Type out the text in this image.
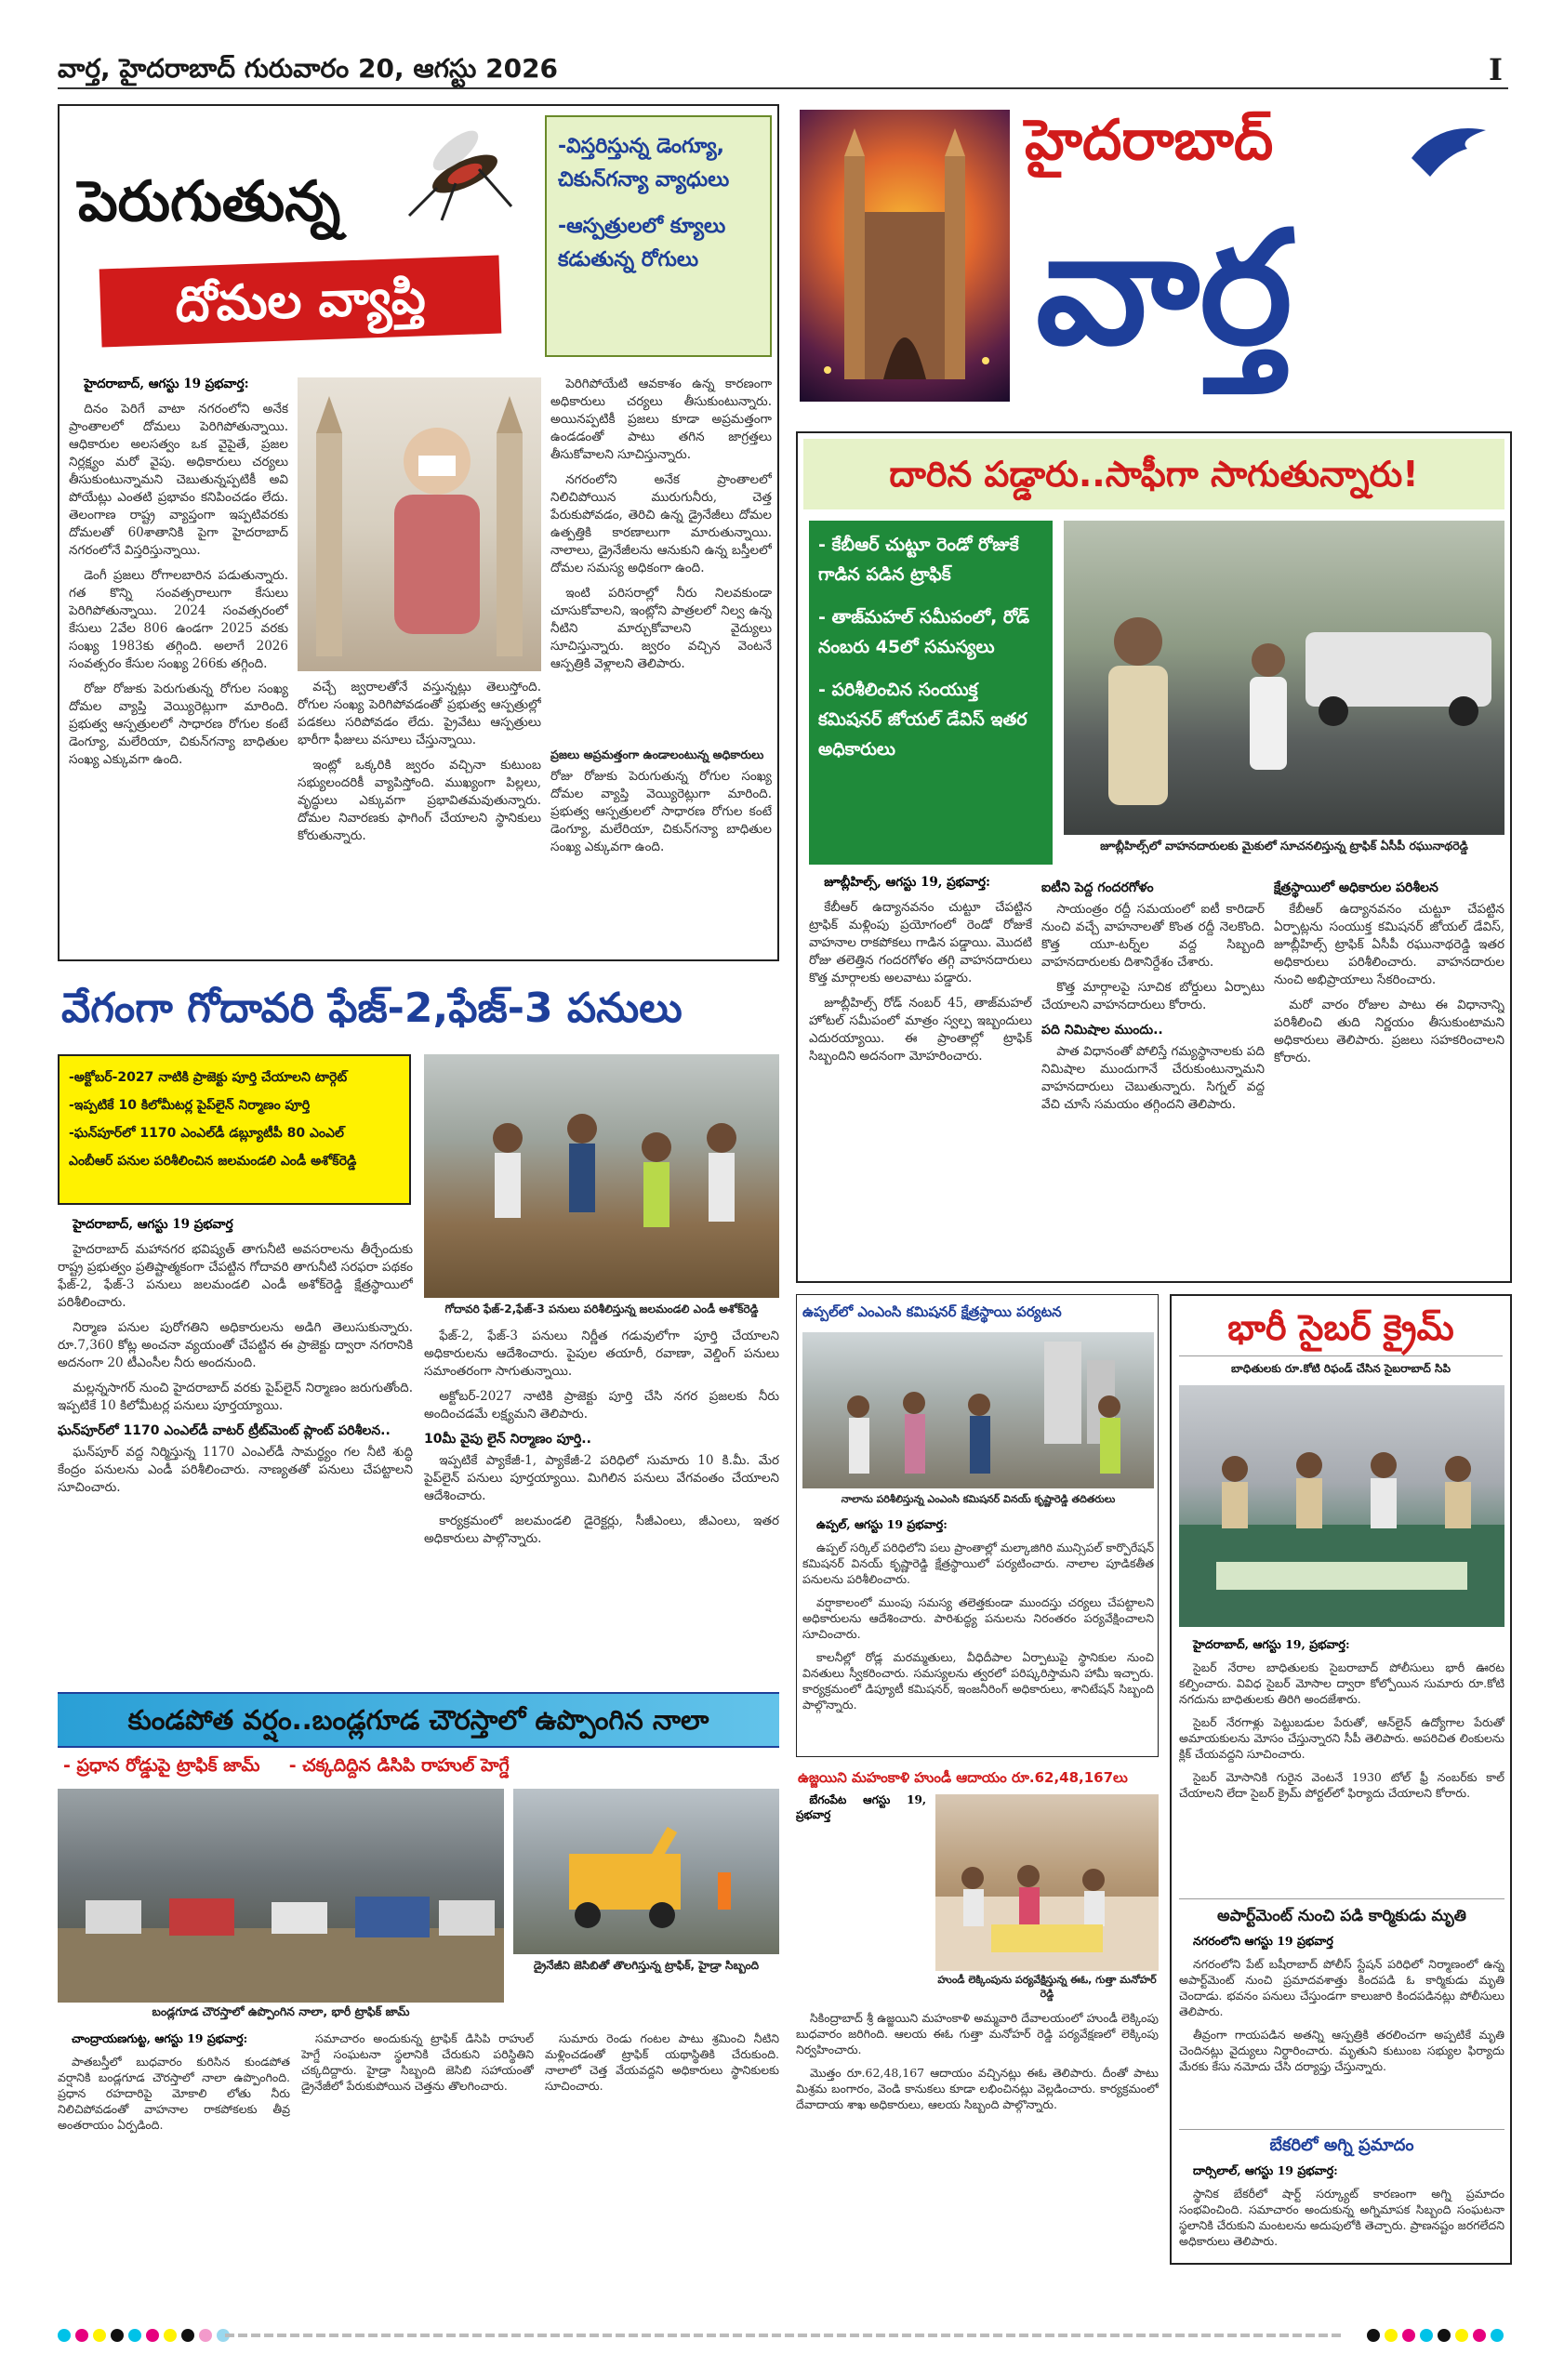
వార్త, హైదరాబాద్ గురువారం 20, ఆగస్టు 2026	I
పెరుగుతున్న
దోమల వ్యాప్తి
-విస్తరిస్తున్న డెంగ్యూ, చికున్‌గన్యా వ్యాధులు
-ఆస్పత్రులలో క్యూలు కడుతున్న రోగులు

హైదరాబాద్, ఆగస్టు 19 ప్రభవార్త:

దినం పెరిగే వాటా నగరంలోని అనేక ప్రాంతాలలో దోమలు పెరిగిపోతున్నాయి. ఆధికారుల అలసత్వం ఒక వైపైతే, ప్రజల నిర్లక్ష్యం మరో వైపు. అధికారులు చర్యలు తీసుకుంటున్నామని చెబుతున్నప్పటికీ అవి పోయేట్లు ఎంతటి ప్రభావం కనిపించడం లేదు. తెలంగాణ రాష్ట్ర వ్యాప్తంగా ఇప్పటివరకు దోమలతో 60శాతానికి పైగా హైదరాబాద్ నగరంలోనే విస్తరిస్తున్నాయి.

డెంగీ ప్రజలు రోగాలబారిన పడుతున్నారు. గత కొన్ని సంవత్సరాలుగా కేసులు పెరిగిపోతున్నాయి. 2024 సంవత్సరంలో కేసులు 2వేల 806 ఉండగా 2025 వరకు సంఖ్య 1983కు తగ్గింది. అలాగే 2026 సంవత్సరం కేసుల సంఖ్య 266కు తగ్గింది.

రోజు రోజుకు పెరుగుతున్న రోగుల సంఖ్య దోమల వ్యాప్తి వెయ్యిరెట్లుగా మారింది. ప్రభుత్వ ఆస్పత్రులలో సాధారణ రోగుల కంటే డెంగ్యూ, మలేరియా, చికున్‌గన్యా బాధితుల సంఖ్య ఎక్కువగా ఉంది.

పెరిగిపోయేటి ఆవకాశం ఉన్న కారణంగా అధికారులు చర్యలు తీసుకుంటున్నారు. అయినప్పటికీ ప్రజలు కూడా అప్రమత్తంగా ఉండడంతో పాటు తగిన జాగ్రత్తలు తీసుకోవాలని సూచిస్తున్నారు.

నగరంలోని అనేక ప్రాంతాలలో నిలిచిపోయిన మురుగునీరు, చెత్త పేరుకుపోవడం, తెరిచి ఉన్న డ్రైనేజీలు దోమల ఉత్పత్తికి కారణాలుగా మారుతున్నాయి. నాలాలు, డ్రైనేజీలను ఆనుకుని ఉన్న బస్తీలలో దోమల సమస్య అధికంగా ఉంది.

ఇంటి పరిసరాల్లో నీరు నిలవకుండా చూసుకోవాలని, ఇంట్లోని పాత్రలలో నిల్వ ఉన్న నీటిని మార్చుకోవాలని వైద్యులు సూచిస్తున్నారు. జ్వరం వచ్చిన వెంటనే ఆస్పత్రికి వెళ్లాలని తెలిపారు.

వచ్చే జ్వరాలతోనే వస్తున్నట్లు తెలుస్తోంది. రోగుల సంఖ్య పెరిగిపోవడంతో ప్రభుత్వ ఆస్పత్రుల్లో పడకలు సరిపోవడం లేదు. ప్రైవేటు ఆస్పత్రులు భారీగా ఫీజులు వసూలు చేస్తున్నాయి.

ఇంట్లో ఒక్కరికి జ్వరం వచ్చినా కుటుంబ సభ్యులందరికీ వ్యాపిస్తోంది. ముఖ్యంగా పిల్లలు, వృద్ధులు ఎక్కువగా ప్రభావితమవుతున్నారు. దోమల నివారణకు ఫాగింగ్ చేయాలని స్థానికులు కోరుతున్నారు.

ప్రజలు అప్రమత్తంగా ఉండాలంటున్న అధికారులు
రోజు రోజుకు పెరుగుతున్న రోగుల సంఖ్య దోమల వ్యాప్తి వెయ్యిరెట్లుగా మారింది. ప్రభుత్వ ఆస్పత్రులలో సాధారణ రోగుల కంటే డెంగ్యూ, మలేరియా, చికున్‌గన్యా బాధితుల సంఖ్య ఎక్కువగా ఉంది.
హైదరాబాద్
వార్త
దారిన పడ్డారు..సాఫీగా సాగుతున్నారు!
- కేబీఆర్ చుట్టూ రెండో రోజుకే గాడిన పడిన ట్రాఫిక్
- తాజ్‌మహల్ సమీపంలో, రోడ్ నంబరు 45లో సమస్యలు
- పరిశీలించిన సంయుక్త కమిషనర్ జోయల్ డేవిస్ ఇతర అధికారులు
జూబ్లీహిల్స్‌లో వాహనదారులకు మైకులో సూచనలిస్తున్న ట్రాఫిక్ ఏసీపీ రఘునాథరెడ్డి

జూబ్లీహిల్స్, ఆగస్టు 19, ప్రభవార్త:

కేబీఆర్ ఉద్యానవనం చుట్టూ చేపట్టిన ట్రాఫిక్ మళ్లింపు ప్రయోగంలో రెండో రోజుకే వాహనాల రాకపోకలు గాడిన పడ్డాయి. మొదటి రోజు తలెత్తిన గందరగోళం తగ్గి వాహనదారులు కొత్త మార్గాలకు అలవాటు పడ్డారు.

జూబ్లీహిల్స్ రోడ్ నంబర్ 45, తాజ్‌మహల్ హోటల్ సమీపంలో మాత్రం స్వల్ప ఇబ్బందులు ఎదురయ్యాయి. ఈ ప్రాంతాల్లో ట్రాఫిక్ సిబ్బందిని అదనంగా మోహరించారు.

ఐటీని పెద్ద గందరగోళం

సాయంత్రం రద్దీ సమయంలో ఐటీ కారిడార్ నుంచి వచ్చే వాహనాలతో కొంత రద్దీ నెలకొంది. కొత్త యూ-టర్న్‌ల వద్ద సిబ్బంది వాహనదారులకు దిశానిర్దేశం చేశారు.

కొత్త మార్గాలపై సూచిక బోర్డులు ఏర్పాటు చేయాలని వాహనదారులు కోరారు.

పది నిమిషాల ముందు..

పాత విధానంతో పోలిస్తే గమ్యస్థానాలకు పది నిమిషాల ముందుగానే చేరుకుంటున్నామని వాహనదారులు చెబుతున్నారు. సిగ్నల్ వద్ద వేచి చూసే సమయం తగ్గిందని తెలిపారు.

క్షేత్రస్థాయిలో అధికారుల పరిశీలన

కేబీఆర్ ఉద్యానవనం చుట్టూ చేపట్టిన ఏర్పాట్లను సంయుక్త కమిషనర్ జోయల్ డేవిస్, జూబ్లీహిల్స్ ట్రాఫిక్ ఏసీపీ రఘునాథరెడ్డి ఇతర అధికారులు పరిశీలించారు. వాహనదారుల నుంచి అభిప్రాయాలు సేకరించారు.

మరో వారం రోజుల పాటు ఈ విధానాన్ని పరిశీలించి తుది నిర్ణయం తీసుకుంటామని అధికారులు తెలిపారు. ప్రజలు సహకరించాలని కోరారు.

వేగంగా గోదావరి ఫేజ్-2,ఫేజ్-3 పనులు
-అక్టోబర్-2027 నాటికి ప్రాజెక్టు పూర్తి చేయాలని టార్గెట్
-ఇప్పటికే 10 కిలోమీటర్ల పైప్‌లైన్ నిర్మాణం పూర్తి
-ఘన్‌పూర్‌లో 1170 ఎంఎల్‌డీ డబ్ల్యూటీపీ 80 ఎంఎల్
ఎంబీఆర్ పనుల పరిశీలించిన జలమండలి ఎండీ అశోక్‌రెడ్డి
గోదావరి ఫేజ్-2,ఫేజ్-3 పనులు పరిశీలిస్తున్న జలమండలి ఎండీ అశోక్‌రెడ్డి

హైదరాబాద్, ఆగస్టు 19 ప్రభవార్త

హైదరాబాద్ మహానగర భవిష్యత్ తాగునీటి అవసరాలను తీర్చేందుకు రాష్ట్ర ప్రభుత్వం ప్రతిష్టాత్మకంగా చేపట్టిన గోదావరి తాగునీటి సరఫరా పథకం ఫేజ్-2, ఫేజ్-3 పనులు జలమండలి ఎండీ అశోక్‌రెడ్డి క్షేత్రస్థాయిలో పరిశీలించారు.

నిర్మాణ పనుల పురోగతిని అధికారులను అడిగి తెలుసుకున్నారు. రూ.7,360 కోట్ల అంచనా వ్యయంతో చేపట్టిన ఈ ప్రాజెక్టు ద్వారా నగరానికి అదనంగా 20 టీఎంసీల నీరు అందనుంది.

మల్లన్నసాగర్ నుంచి హైదరాబాద్ వరకు పైప్‌లైన్ నిర్మాణం జరుగుతోంది. ఇప్పటికే 10 కిలోమీటర్ల పనులు పూర్తయ్యాయి.

ఘన్‌పూర్‌లో 1170 ఎంఎల్‌డీ వాటర్ ట్రీట్‌మెంట్ ప్లాంట్ పరిశీలన..

ఘన్‌పూర్ వద్ద నిర్మిస్తున్న 1170 ఎంఎల్‌డీ సామర్థ్యం గల నీటి శుద్ధి కేంద్రం పనులను ఎండీ పరిశీలించారు. నాణ్యతతో పనులు చేపట్టాలని సూచించారు.

ఫేజ్-2, ఫేజ్-3 పనులు నిర్ణీత గడువులోగా పూర్తి చేయాలని అధికారులను ఆదేశించారు. పైపుల తయారీ, రవాణా, వెల్డింగ్ పనులు సమాంతరంగా సాగుతున్నాయి.

అక్టోబర్-2027 నాటికి ప్రాజెక్టు పూర్తి చేసి నగర ప్రజలకు నీరు అందించడమే లక్ష్యమని తెలిపారు.

10మీ వైపు లైన్ నిర్మాణం పూర్తి..

ఇప్పటికే ప్యాకేజీ-1, ప్యాకేజీ-2 పరిధిలో సుమారు 10 కి.మీ. మేర పైప్‌లైన్ పనులు పూర్తయ్యాయి. మిగిలిన పనులు వేగవంతం చేయాలని ఆదేశించారు.

కార్యక్రమంలో జలమండలి డైరెక్టర్లు, సీజీఎంలు, జీఎంలు, ఇతర అధికారులు పాల్గొన్నారు.

ఉప్పల్‌లో ఎంఎంసి కమిషనర్ క్షేత్రస్థాయి పర్యటన
నాలాను పరిశీలిస్తున్న ఎంఎంసి కమిషనర్ వినయ్ కృష్ణారెడ్డి తదితరులు

ఉప్పల్, ఆగస్టు 19 ప్రభవార్త:

ఉప్పల్ సర్కిల్ పరిధిలోని పలు ప్రాంతాల్లో మల్కాజిగిరి మున్సిపల్ కార్పొరేషన్ కమిషనర్ వినయ్ కృష్ణారెడ్డి క్షేత్రస్థాయిలో పర్యటించారు. నాలాల పూడికతీత పనులను పరిశీలించారు.

వర్షాకాలంలో ముంపు సమస్య తలెత్తకుండా ముందస్తు చర్యలు చేపట్టాలని అధికారులను ఆదేశించారు. పారిశుద్ధ్య పనులను నిరంతరం పర్యవేక్షించాలని సూచించారు.

కాలనీల్లో రోడ్ల మరమ్మతులు, వీధిదీపాల ఏర్పాటుపై స్థానికుల నుంచి వినతులు స్వీకరించారు. సమస్యలను త్వరలో పరిష్కరిస్తామని హామీ ఇచ్చారు. కార్యక్రమంలో డిప్యూటీ కమిషనర్, ఇంజనీరింగ్ అధికారులు, శానిటేషన్ సిబ్బంది పాల్గొన్నారు.

భారీ సైబర్ క్రైమ్
బాధితులకు రూ.కోటి రిఫండ్ చేసిన సైబరాబాద్ సిపి

హైదరాబాద్, ఆగస్టు 19, ప్రభవార్త:

సైబర్ నేరాల బాధితులకు సైబరాబాద్ పోలీసులు భారీ ఊరట కల్పించారు. వివిధ సైబర్ మోసాల ద్వారా కోల్పోయిన సుమారు రూ.కోటి నగదును బాధితులకు తిరిగి అందజేశారు.

సైబర్ నేరగాళ్లు పెట్టుబడుల పేరుతో, ఆన్‌లైన్ ఉద్యోగాల పేరుతో అమాయకులను మోసం చేస్తున్నారని సీపీ తెలిపారు. అపరిచిత లింకులను క్లిక్ చేయవద్దని సూచించారు.

సైబర్ మోసానికి గురైన వెంటనే 1930 టోల్ ఫ్రీ నంబర్‌కు కాల్ చేయాలని లేదా సైబర్ క్రైమ్ పోర్టల్‌లో ఫిర్యాదు చేయాలని కోరారు.

అపార్ట్‌మెంట్ నుంచి పడి కార్మికుడు మృతి

నగరంలోని ఆగస్టు 19 ప్రభవార్త

నగరంలోని పేట్ బషీరాబాద్ పోలీస్ స్టేషన్ పరిధిలో నిర్మాణంలో ఉన్న అపార్ట్‌మెంట్ నుంచి ప్రమాదవశాత్తు కిందపడి ఓ కార్మికుడు మృతి చెందాడు. భవనం పనులు చేస్తుండగా కాలుజారి కిందపడినట్లు పోలీసులు తెలిపారు.

తీవ్రంగా గాయపడిన అతన్ని ఆస్పత్రికి తరలించగా అప్పటికే మృతి చెందినట్లు వైద్యులు నిర్ధారించారు. మృతుని కుటుంబ సభ్యుల ఫిర్యాదు మేరకు కేసు నమోదు చేసి దర్యాప్తు చేస్తున్నారు.

బేకరిలో అగ్ని ప్రమాదం

దార్సిలాల్, ఆగస్టు 19 ప్రభవార్త:

స్థానిక బేకరీలో షార్ట్ సర్క్యూట్ కారణంగా అగ్ని ప్రమాదం సంభవించింది. సమాచారం అందుకున్న అగ్నిమాపక సిబ్బంది సంఘటనా స్థలానికి చేరుకుని మంటలను అదుపులోకి తెచ్చారు. ప్రాణనష్టం జరగలేదని అధికారులు తెలిపారు.

కుండపోత వర్షం..బండ్లగూడ చౌరస్తాలో ఉప్పొంగిన నాలా
- ప్రధాన రోడ్డుపై ట్రాఫిక్ జామ్ - చక్కదిద్దిన డిసిపి రాహుల్ హెగ్డే
బండ్లగూడ చౌరస్తాలో ఉప్పొంగిన నాలా, భారీ ట్రాఫిక్ జామ్
డ్రైనేజీని జెసిబితో తొలగిస్తున్న ట్రాఫిక్, హైడ్రా సిబ్బంది

చాంద్రాయణగుట్ట, ఆగస్టు 19 ప్రభవార్త:

పాతబస్తీలో బుధవారం కురిసిన కుండపోత వర్షానికి బండ్లగూడ చౌరస్తాలో నాలా ఉప్పొంగింది. ప్రధాన రహదారిపై మోకాలి లోతు నీరు నిలిచిపోవడంతో వాహనాల రాకపోకలకు తీవ్ర అంతరాయం ఏర్పడింది.

సమాచారం అందుకున్న ట్రాఫిక్ డిసిపి రాహుల్ హెగ్డే సంఘటనా స్థలానికి చేరుకుని పరిస్థితిని చక్కదిద్దారు. హైడ్రా సిబ్బంది జెసిబి సహాయంతో డ్రైనేజీలో పేరుకుపోయిన చెత్తను తొలగించారు.

సుమారు రెండు గంటల పాటు శ్రమించి నీటిని మళ్లించడంతో ట్రాఫిక్ యథాస్థితికి చేరుకుంది. నాలాలో చెత్త వేయవద్దని అధికారులు స్థానికులకు సూచించారు.

ఉజ్జయిని మహంకాళి హుండీ ఆదాయం రూ.62,48,167లు

బేగంపేట ఆగస్టు 19, ప్రభవార్త

హుండీ లెక్కింపును పర్యవేక్షిస్తున్న ఈఓ, గుత్తా మనోహర్ రెడ్డి

సికింద్రాబాద్ శ్రీ ఉజ్జయిని మహంకాళి అమ్మవారి దేవాలయంలో హుండీ లెక్కింపు బుధవారం జరిగింది. ఆలయ ఈఓ గుత్తా మనోహర్ రెడ్డి పర్యవేక్షణలో లెక్కింపు నిర్వహించారు.

మొత్తం రూ.62,48,167 ఆదాయం వచ్చినట్లు ఈఓ తెలిపారు. దీంతో పాటు మిశ్రమ బంగారం, వెండి కానుకలు కూడా లభించినట్లు వెల్లడించారు. కార్యక్రమంలో దేవాదాయ శాఖ అధికారులు, ఆలయ సిబ్బంది పాల్గొన్నారు.
